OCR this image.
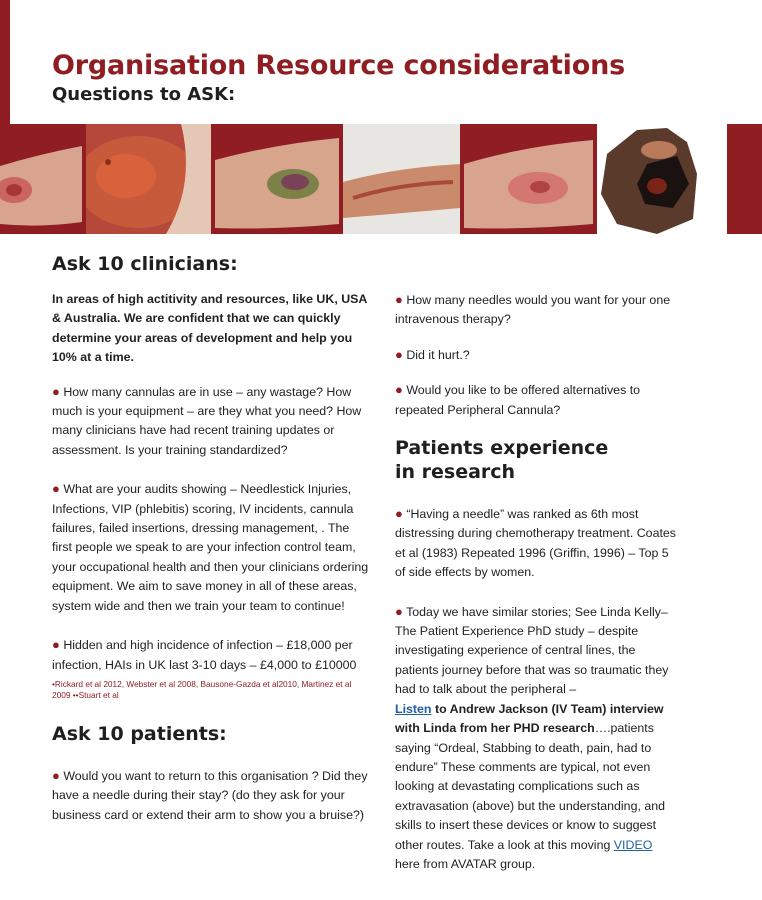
Organisation Resource considerations
Questions to ASK:
Ask 10 clinicians:

In areas of high actitivity and resources, like UK, USA & Australia. We are confident that we can quickly determine your areas of development and help you 10% at a time.

● How many cannulas are in use – any wastage? How much is your equipment – are they what you need? How many clinicians have had recent training updates or assessment. Is your training standardized?

● What are your audits showing – Needlestick Injuries, Infections, VIP (phlebitis) scoring, IV incidents, cannula failures, failed insertions, dressing management, . The first people we speak to are your infection control team, your occupational health and then your clinicians ordering equipment. We aim to save money in all of these areas, system wide and then we train your team to continue!

● Hidden and high incidence of infection – £18,000 per infection, HAIs in UK last 3-10 days – £4,000 to £10000

•Rickard et al 2012, Webster et al 2008, Bausone-Gazda et al2010, Martinez et al 2009 ••Stuart et al

Ask 10 patients:

● Would you want to return to this organisation ? Did they have a needle during their stay? (do they ask for your business card or extend their arm to show you a bruise?)

● How many needles would you want for your one intravenous therapy?

● Did it hurt.?

● Would you like to be offered alternatives to repeated Peripheral Cannula?

Patients experience
in research

● “Having a needle” was ranked as 6th most distressing during chemotherapy treatment. Coates et al (1983) Repeated 1996 (Griffin, 1996) – Top 5 of side effects by women.

● Today we have similar stories; See Linda Kelly– The Patient Experience PhD study – despite investigating experience of central lines, the patients journey before that was so traumatic they had to talk about the peripheral –

Listen to Andrew Jackson (IV Team) interview with Linda from her PHD research….patients saying “Ordeal, Stabbing to death, pain, had to endure” These comments are typical, not even looking at devastating complications such as extravasation (above) but the understanding, and skills to insert these devices or know to suggest other routes. Take a look at this moving VIDEO here from AVATAR group.
